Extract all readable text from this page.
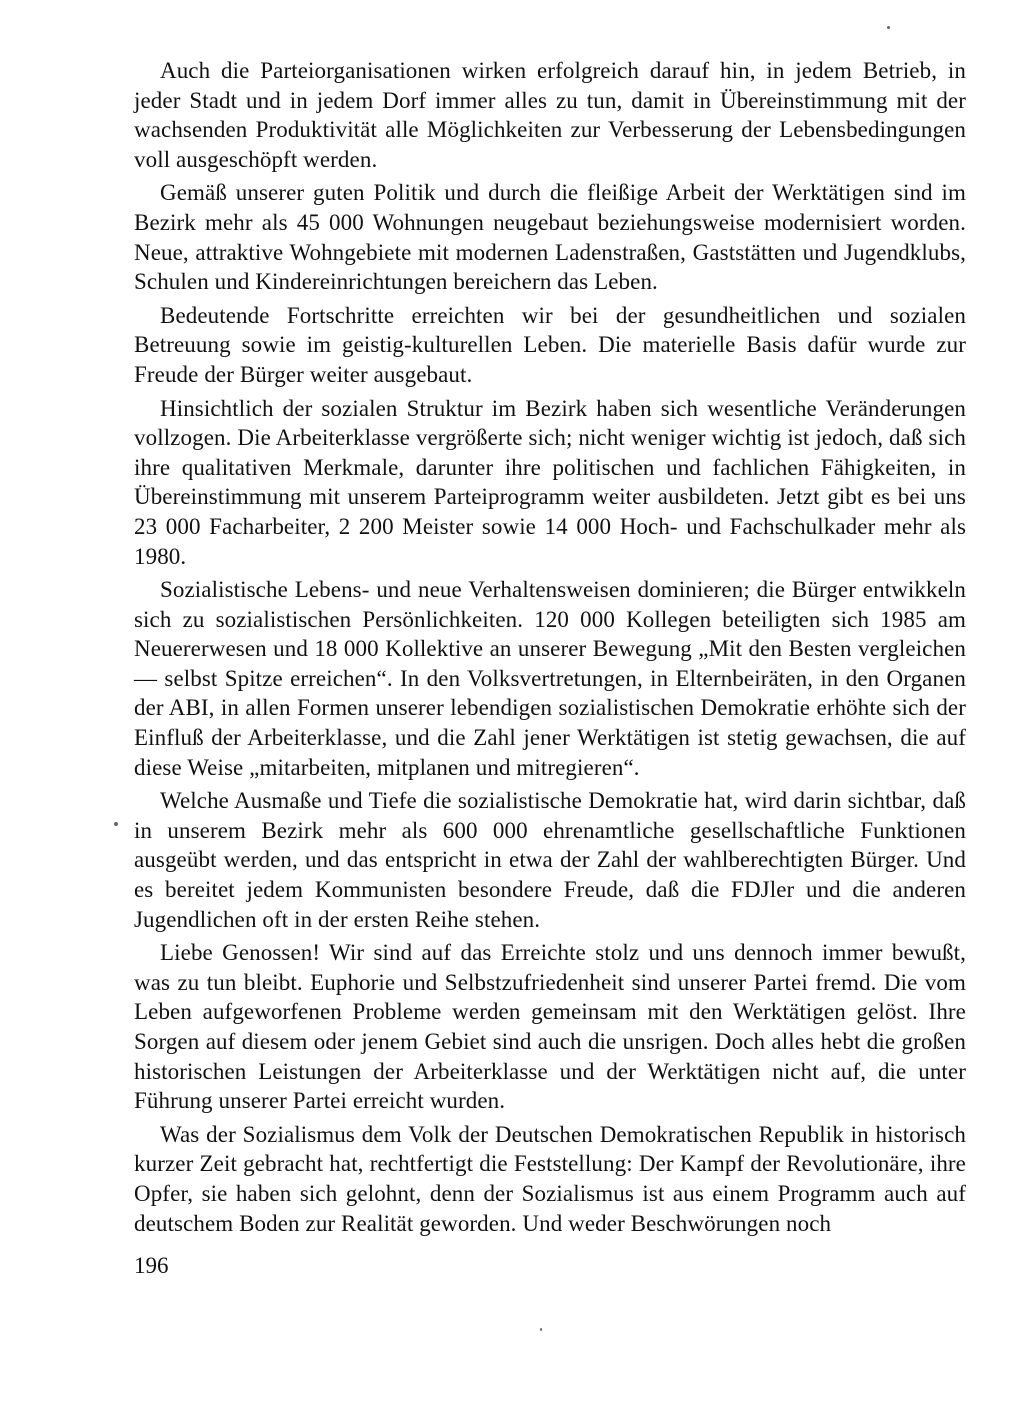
Auch die Parteiorganisationen wirken erfolgreich darauf hin, in jedem Betrieb, in jeder Stadt und in jedem Dorf immer alles zu tun, damit in Übereinstimmung mit der wachsenden Produktivität alle Möglichkeiten zur Verbesserung der Lebensbedingungen voll ausgeschöpft werden.

Gemäß unserer guten Politik und durch die fleißige Arbeit der Werktätigen sind im Bezirk mehr als 45 000 Wohnungen neugebaut beziehungsweise modernisiert worden. Neue, attraktive Wohngebiete mit modernen Ladenstraßen, Gaststätten und Jugendklubs, Schulen und Kindereinrichtungen bereichern das Leben.

Bedeutende Fortschritte erreichten wir bei der gesundheitlichen und sozialen Betreuung sowie im geistig-kulturellen Leben. Die materielle Basis dafür wurde zur Freude der Bürger weiter ausgebaut.

Hinsichtlich der sozialen Struktur im Bezirk haben sich wesentliche Veränderungen vollzogen. Die Arbeiterklasse vergrößerte sich; nicht weniger wichtig ist jedoch, daß sich ihre qualitativen Merkmale, darunter ihre politischen und fachlichen Fähigkeiten, in Übereinstimmung mit unserem Parteiprogramm weiter ausbildeten. Jetzt gibt es bei uns 23 000 Facharbeiter, 2 200 Meister sowie 14 000 Hoch- und Fachschulkader mehr als 1980.

Sozialistische Lebens- und neue Verhaltensweisen dominieren; die Bürger entwikkeln sich zu sozialistischen Persönlichkeiten. 120 000 Kollegen beteiligten sich 1985 am Neuererwesen und 18 000 Kollektive an unserer Bewegung „Mit den Besten vergleichen — selbst Spitze erreichen“. In den Volksvertretungen, in Elternbeiräten, in den Organen der ABI, in allen Formen unserer lebendigen sozialistischen Demokratie erhöhte sich der Einfluß der Arbeiterklasse, und die Zahl jener Werktätigen ist stetig gewachsen, die auf diese Weise „mitarbeiten, mitplanen und mitregieren“.

Welche Ausmaße und Tiefe die sozialistische Demokratie hat, wird darin sichtbar, daß in unserem Bezirk mehr als 600 000 ehrenamtliche gesellschaftliche Funktionen ausgeübt werden, und das entspricht in etwa der Zahl der wahlberechtigten Bürger. Und es bereitet jedem Kommunisten besondere Freude, daß die FDJler und die anderen Jugendlichen oft in der ersten Reihe stehen.

Liebe Genossen! Wir sind auf das Erreichte stolz und uns dennoch immer bewußt, was zu tun bleibt. Euphorie und Selbstzufriedenheit sind unserer Partei fremd. Die vom Leben aufgeworfenen Probleme werden gemeinsam mit den Werktätigen gelöst. Ihre Sorgen auf diesem oder jenem Gebiet sind auch die unsrigen. Doch alles hebt die großen historischen Leistungen der Arbeiterklasse und der Werktätigen nicht auf, die unter Führung unserer Partei erreicht wurden.

Was der Sozialismus dem Volk der Deutschen Demokratischen Republik in historisch kurzer Zeit gebracht hat, rechtfertigt die Feststellung: Der Kampf der Revolutionäre, ihre Opfer, sie haben sich gelohnt, denn der Sozialismus ist aus einem Programm auch auf deutschem Boden zur Realität geworden. Und weder Beschwörungen noch

196
